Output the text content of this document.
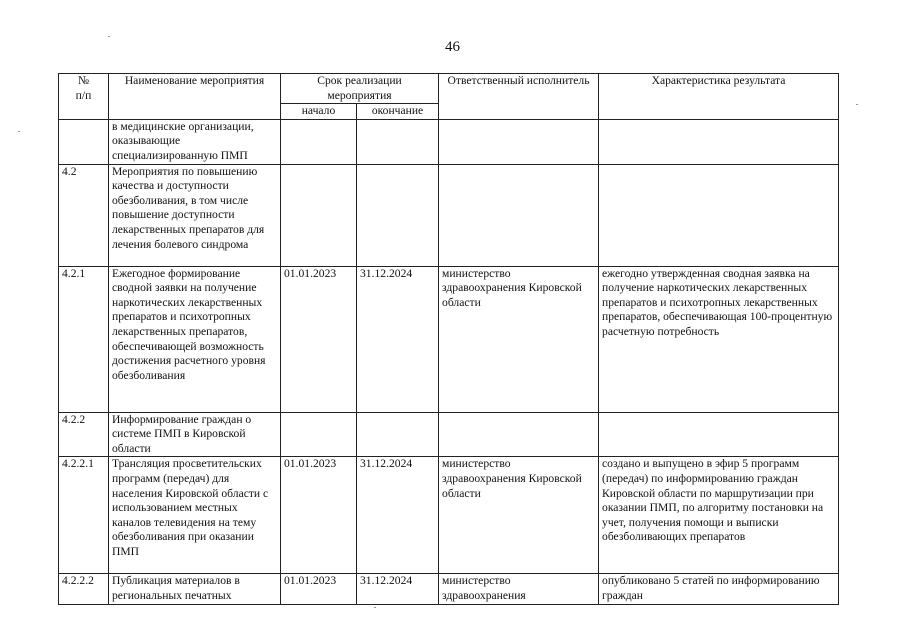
46
№
п/п	Наименование мероприятия	Срок реализации мероприятия		Ответственный исполнитель	Характеристика результата
		начало	окончание		
	в медицинские организации, оказывающие специализированную ПМП				
4.2	Мероприятия по повышению качества и доступности обезболивания, в том числе повышение доступности лекарственных препаратов для лечения болевого синдрома				
4.2.1	Ежегодное формирование сводной заявки на получение наркотических лекарственных препаратов и психотропных лекарственных препаратов, обеспечивающей возможность достижения расчетного уровня обезболивания	01.01.2023	31.12.2024	министерство здравоохранения Кировской области	ежегодно утвержденная сводная заявка на получение наркотических лекарственных препаратов и психотропных лекарственных препаратов, обеспечивающая 100-процентную расчетную потребность
4.2.2	Информирование граждан о системе ПМП в Кировской области				
4.2.2.1	Трансляция просветительских программ (передач) для населения Кировской области с использованием местных каналов телевидения на тему обезболивания при оказании ПМП	01.01.2023	31.12.2024	министерство здравоохранения Кировской области	создано и выпущено в эфир 5 программ (передач) по информированию граждан Кировской области по маршрутизации при оказании ПМП, по алгоритму постановки на учет, получения помощи и выписки обезболивающих препаратов
4.2.2.2	Публикация материалов в региональных печатных	01.01.2023	31.12.2024	министерство здравоохранения	опубликовано 5 статей по информированию граждан
